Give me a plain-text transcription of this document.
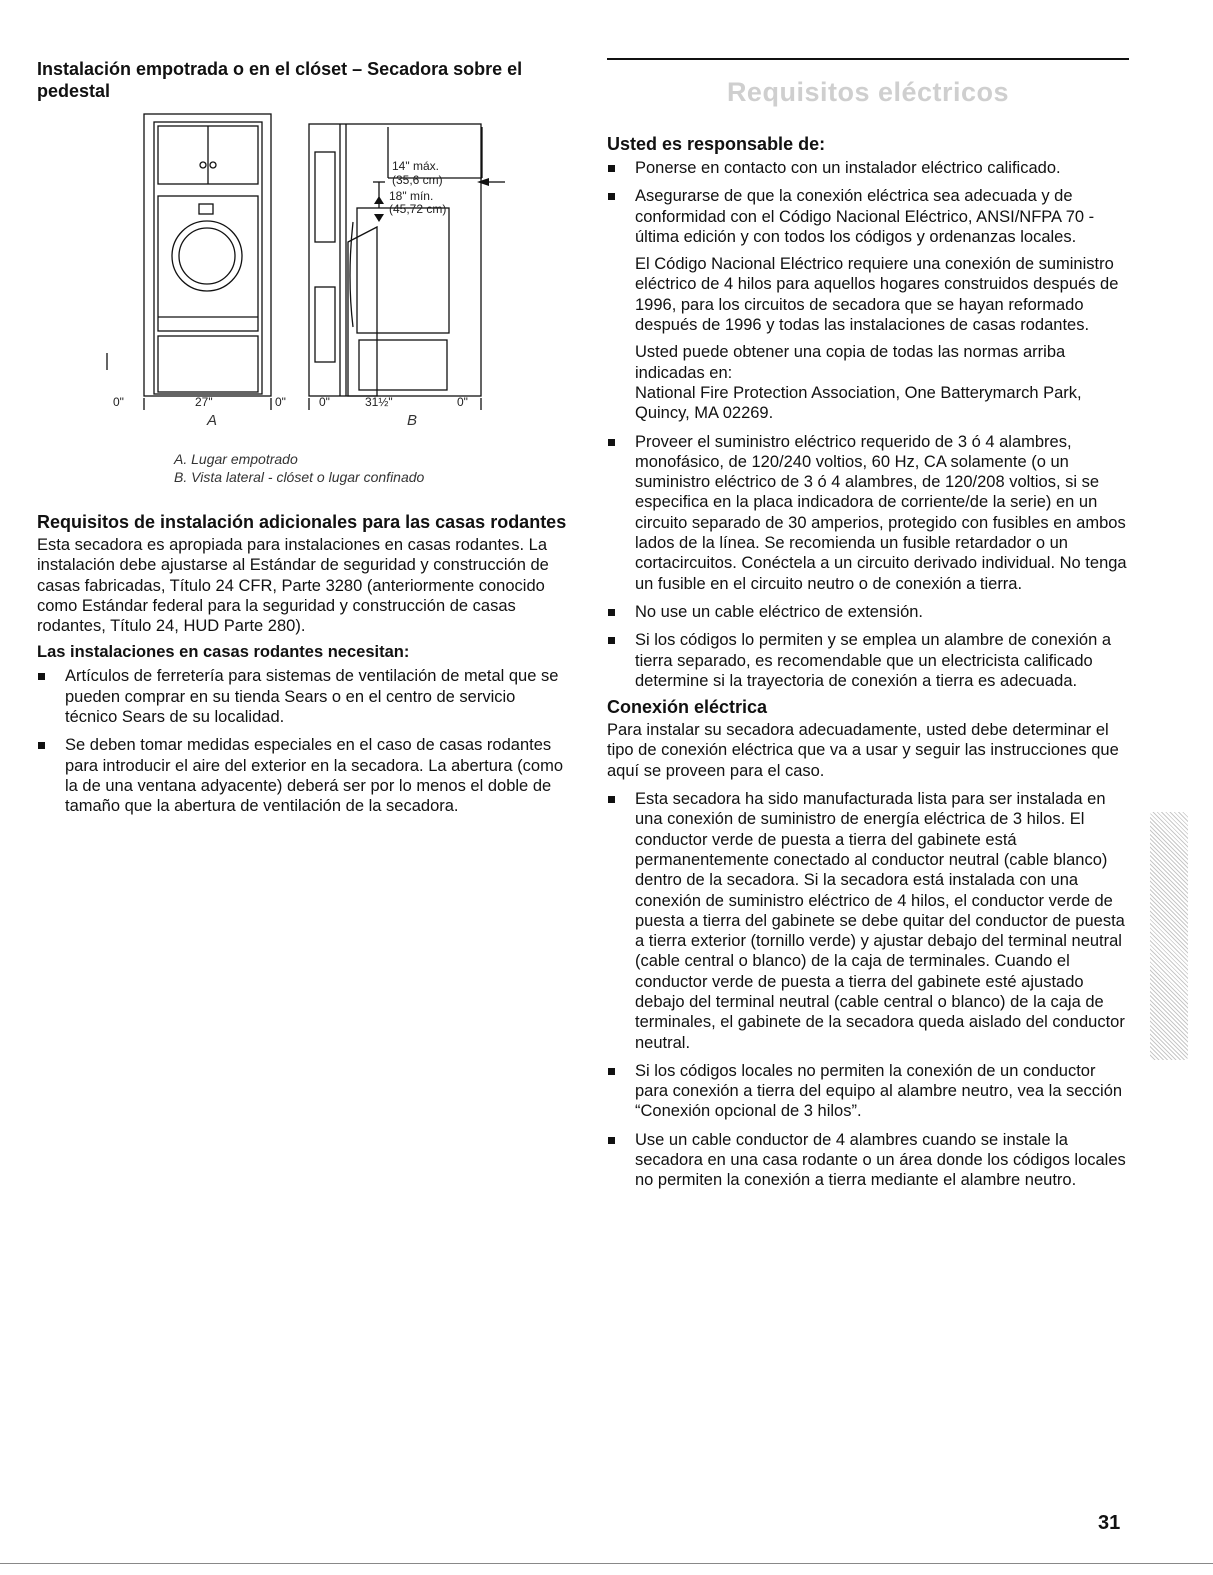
Instalación empotrada o en el clóset – Secadora sobre el pedestal
14" máx.
(35,6 cm)
18" mín.
(45,72 cm)
0"	27"	0"	0"	31½"	0"
A	B

A. Lugar empotrado

B. Vista lateral - clóset o lugar confinado

Requisitos de instalación adicionales para las casas rodantes

Esta secadora es apropiada para instalaciones en casas rodantes. La instalación debe ajustarse al Estándar de seguridad y construcción de casas fabricadas, Título 24 CFR, Parte 3280 (anteriormente conocido como Estándar federal para la seguridad y construcción de casas rodantes, Título 24, HUD Parte 280).

Las instalaciones en casas rodantes necesitan:
Artículos de ferretería para sistemas de ventilación de metal que se pueden comprar en su tienda Sears o en el centro de servicio técnico Sears de su localidad.
Se deben tomar medidas especiales en el caso de casas rodantes para introducir el aire del exterior en la secadora. La abertura (como la de una ventana adyacente) deberá ser por lo menos el doble de tamaño que la abertura de ventilación de la secadora.
Requisitos eléctricos
Usted es responsable de:
Ponerse en contacto con un instalador eléctrico calificado.

Asegurarse de que la conexión eléctrica sea adecuada y de conformidad con el Código Nacional Eléctrico, ANSI/NFPA 70 - última edición y con todos los códigos y ordenanzas locales.

El Código Nacional Eléctrico requiere una conexión de suministro eléctrico de 4 hilos para aquellos hogares construidos después de 1996, para los circuitos de secadora que se hayan reformado después de 1996 y todas las instalaciones de casas rodantes.

Usted puede obtener una copia de todas las normas arriba indicadas en:

National Fire Protection Association, One Batterymarch Park, Quincy, MA 02269.

Proveer el suministro eléctrico requerido de 3 ó 4 alambres, monofásico, de 120/240 voltios, 60 Hz, CA solamente (o un suministro eléctrico de 3 ó 4 alambres, de 120/208 voltios, si se especifica en la placa indicadora de corriente/de la serie) en un circuito separado de 30 amperios, protegido con fusibles en ambos lados de la línea. Se recomienda un fusible retardador o un cortacircuitos. Conéctela a un circuito derivado individual. No tenga un fusible en el circuito neutro o de conexión a tierra.
No use un cable eléctrico de extensión.
Si los códigos lo permiten y se emplea un alambre de conexión a tierra separado, es recomendable que un electricista calificado determine si la trayectoria de conexión a tierra es adecuada.
Conexión eléctrica

Para instalar su secadora adecuadamente, usted debe determinar el tipo de conexión eléctrica que va a usar y seguir las instrucciones que aquí se proveen para el caso.

Esta secadora ha sido manufacturada lista para ser instalada en una conexión de suministro de energía eléctrica de 3 hilos. El conductor verde de puesta a tierra del gabinete está permanentemente conectado al conductor neutral (cable blanco) dentro de la secadora. Si la secadora está instalada con una conexión de suministro eléctrico de 4 hilos, el conductor verde de puesta a tierra del gabinete se debe quitar del conductor de puesta a tierra exterior (tornillo verde) y ajustar debajo del terminal neutral (cable central o blanco) de la caja de terminales. Cuando el conductor verde de puesta a tierra del gabinete esté ajustado debajo del terminal neutral (cable central o blanco) de la caja de terminales, el gabinete de la secadora queda aislado del conductor neutral.
Si los códigos locales no permiten la conexión de un conductor para conexión a tierra del equipo al alambre neutro, vea la sección “Conexión opcional de 3 hilos”.
Use un cable conductor de 4 alambres cuando se instale la secadora en una casa rodante o un área donde los códigos locales no permiten la conexión a tierra mediante el alambre neutro.
31
